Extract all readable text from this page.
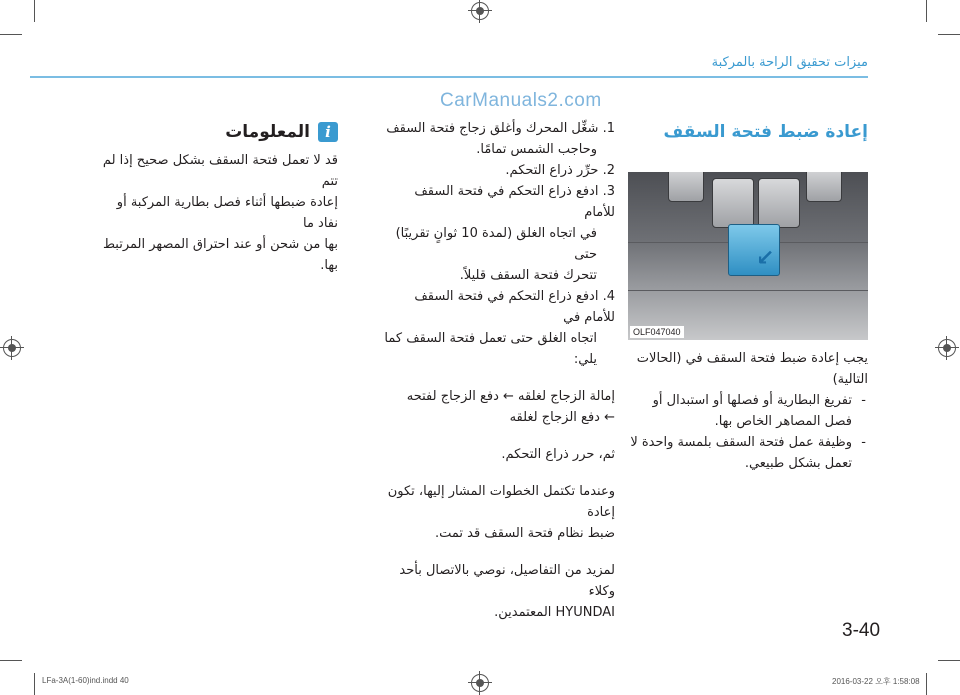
ميزات تحقيق الراحة بالمركبة
CarManuals2.com
إعادة ضبط فتحة السقف
↙
OLF047040

يجب إعادة ضبط فتحة السقف في (الحالات التالية)

- تفريغ البطارية أو فصلها أو استبدال أو فصل المصاهر الخاص بها.
- وظيفة عمل فتحة السقف بلمسة واحدة لا تعمل بشكل طبيعي.

1. شغِّل المحرك وأغلق زجاج فتحة السقف

وحاجب الشمس تمامًا.

2. حرِّر ذراع التحكم.

3. ادفع ذراع التحكم في فتحة السقف للأمام

في اتجاه الغلق (لمدة 10 ثوانٍ تقريبًا) حتى

تتحرك فتحة السقف قليلاً.

4. ادفع ذراع التحكم في فتحة السقف للأمام في

اتجاه الغلق حتى تعمل فتحة السقف كما

يلي:

إمالة الزجاج لغلقه ← دفع الزجاج لفتحه

← دفع الزجاج لغلقه

ثم، حرر ذراع التحكم.

وعندما تكتمل الخطوات المشار إليها، تكون إعادة

ضبط نظام فتحة السقف قد تمت.

لمزيد من التفاصيل، نوصي بالاتصال بأحد وكلاء

HYUNDAI المعتمدين.

i
المعلومات

قد لا تعمل فتحة السقف بشكل صحيح إذا لم تتم

إعادة ضبطها أثناء فصل بطارية المركبة أو نفاد ما

بها من شحن أو عند احتراق المصهر المرتبط بها.

3-40
LFa-3A(1-60)ind.indd 40	2016-03-22 오후 1:58:08
